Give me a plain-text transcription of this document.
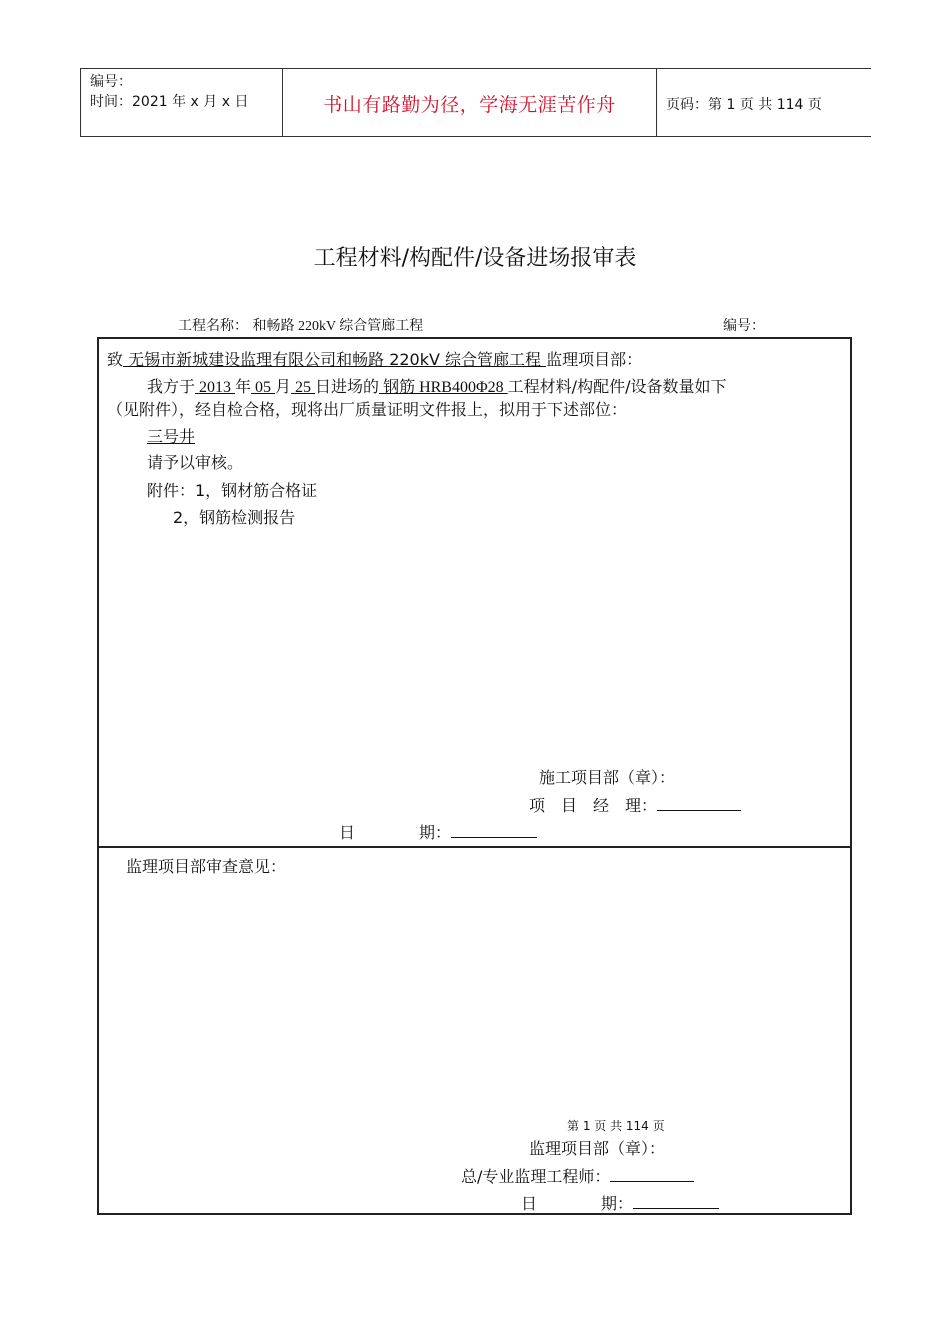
编号：
时间：2021 年 x 月 x 日	书山有路勤为径，学海无涯苦作舟	页码：第 1 页 共 114 页
工程材料/构配件/设备进场报审表
工程名称： 和畅路 220kV 综合管廊工程	编号：
致 无锡市新城建设监理有限公司和畅路 220kV 综合管廊工程 监理项目部：
我方于 2013 年 05 月 25 日进场的 钢筋 HRB400Φ28 工程材料/构配件/设备数量如下
（见附件），经自检合格，现将出厂质量证明文件报上，拟用于下述部位：
三号井
请予以审核。
附件：1，钢材筋合格证
2，钢筋检测报告
施工项目部（章）：
项　目　经　理：
日　　　　期：
监理项目部审查意见：
第 1 页 共 114 页
监理项目部（章）：
总/专业监理工程师：
日　　　　期：
